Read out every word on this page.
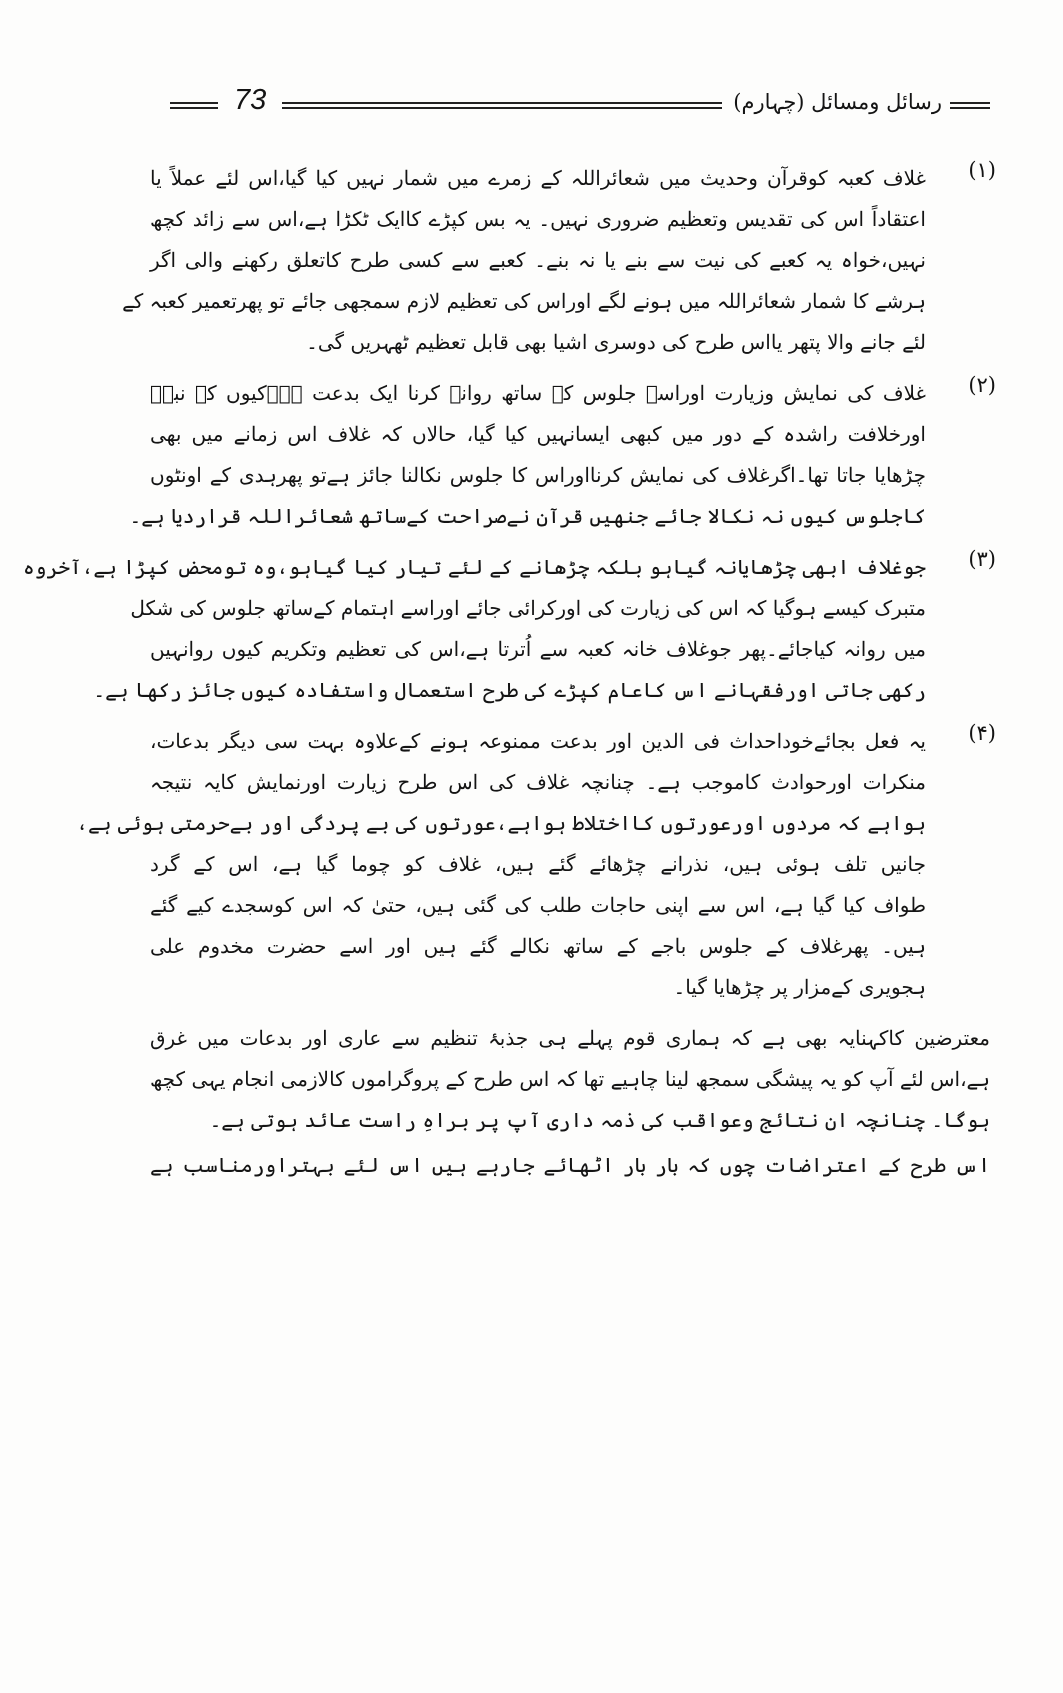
73	رسائل ومسائل (چہارم)
(۱)
غلاف کعبہ کوقرآن وحدیث میں شعائراللہ کے زمرے میں شمار نہیں کیا گیا،اس لئے عملاً یا
اعتقاداً اس کی تقدیس وتعظیم ضروری نہیں۔ یہ بس کپڑے کاایک ٹکڑا ہے،اس سے زائد کچھ
نہیں،خواہ یہ کعبے کی نیت سے بنے یا نہ بنے۔ کعبے سے کسی طرح کاتعلق رکھنے والی اگر
ہرشے کا شمار شعائراللہ میں ہونے لگے اوراس کی تعظیم لازم سمجھی جائے تو پھرتعمیر کعبہ کے
لئے جانے والا پتھر یااس طرح کی دوسری اشیا بھی قابل تعظیم ٹھہریں گی۔
(۲)
غلاف کی نمایش وزیارت اوراسے جلوس کے ساتھ روانہ کرنا ایک بدعت ہے۔کیوں کہ نبیؐ
اورخلافت راشدہ کے دور میں کبھی ایسانہیں کیا گیا، حالاں کہ غلاف اس زمانے میں بھی
چڑھایا جاتا تھا۔اگرغلاف کی نمایش کرنااوراس کا جلوس نکالنا جائز ہےتو پھرہدی کے اونٹوں
کاجلوس کیوں نہ نکالا جائے جنھیں قرآن نےصراحت کےساتھ شعائراللہ قراردیا ہے۔
(۳)
جوغلاف ابھی چڑھایانہ گیاہو بلکہ چڑھانے کے لئے تیار کیا گیاہو،وہ تومحض کپڑا ہے،آخروہ
متبرک کیسے ہوگیا کہ اس کی زیارت کی اورکرائی جائے اوراسے اہتمام کےساتھ جلوس کی شکل
میں روانہ کیاجائے۔پھر جوغلاف خانہ کعبہ سے اُترتا ہے،اس کی تعظیم وتکریم کیوں روانہیں
رکھی جاتی اورفقہانے اس کاعام کپڑے کی طرح استعمال واستفادہ کیوں جائز رکھا ہے۔
(۴)
یہ فعل بجائےخوداحداث فی الدین اور بدعت ممنوعہ ہونے کےعلاوہ بہت سی دیگر بدعات،
منکرات اورحوادث کاموجب ہے۔ چنانچہ غلاف کی اس طرح زیارت اورنمایش کایہ نتیجہ
ہواہے کہ مردوں اورعورتوں کااختلاط ہواہے،عورتوں کی بے پردگی اور بےحرمتی ہوئی ہے،
جانیں تلف ہوئی ہیں، نذرانے چڑھائے گئے ہیں، غلاف کو چوما گیا ہے، اس کے گرد
طواف کیا گیا ہے، اس سے اپنی حاجات طلب کی گئی ہیں، حتیٰ کہ اس کوسجدے کیے گئے
ہیں۔ پھرغلاف کے جلوس باجے کے ساتھ نکالے گئے ہیں اور اسے حضرت مخدوم علی
ہجویری کےمزار پر چڑھایا گیا۔
معترضین کاکہنایہ بھی ہے کہ ہماری قوم پہلے ہی جذبۂ تنظیم سے عاری اور بدعات میں غرق
ہے،اس لئے آپ کو یہ پیشگی سمجھ لینا چاہیے تھا کہ اس طرح کے پروگراموں کالازمی انجام یہی کچھ
ہوگا۔ چنانچہ ان نتائج وعواقب کی ذمہ داری آپ پر براہِ راست عائد ہوتی ہے۔
اس طرح کے اعتراضات چوں کہ بار بار اٹھائے جارہے ہیں اس لئے بہتراورمناسب ہے
